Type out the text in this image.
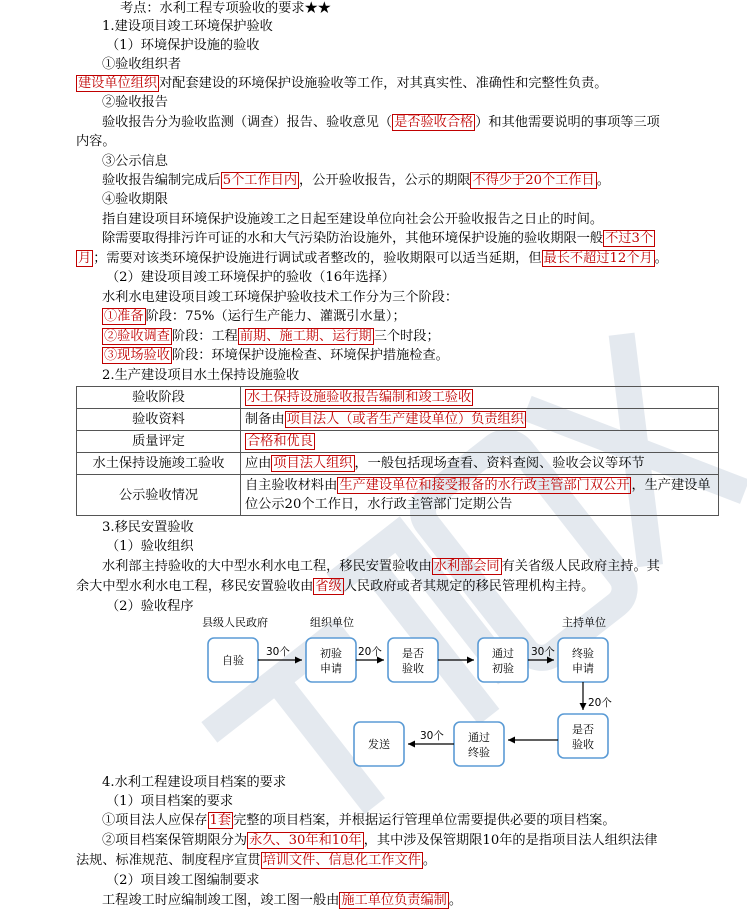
考点：水利工程专项验收的要求★★
1.建设项目竣工环境保护验收
（1）环境保护设施的验收
①验收组织者
建设单位组织 对配套建设的环境保护设施验收等工作，对其真实性、准确性和完整性负责。
②验收报告
验收报告分为验收监测（调查）报告、验收意见（ 是否验收合格 ）和其他需要说明的事项等三项
内容。
③公示信息
验收报告编制完成后 5个工作日内 ，公开验收报告，公示的期限 不得少于20个工作日 。
④验收期限
指自建设项目环境保护设施竣工之日起至建设单位向社会公开验收报告之日止的时间。
除需要取得排污许可证的水和大气污染防治设施外，其他环境保护设施的验收期限一般 不过3个
月 ；需要对该类环境保护设施进行调试或者整改的，验收期限可以适当延期，但 最长不超过12个月 。
（2）建设项目竣工环境保护的验收（16年选择）
水利水电建设项目竣工环境保护验收技术工作分为三个阶段：
①准备 阶段：75%（运行生产能力、灌溉引水量）；
②验收调查 阶段：工程 前期、施工期、运行期 三个时段；
③现场验收 阶段：环境保护设施检查、环境保护措施检查。
2.生产建设项目水土保持设施验收
验收阶段	水土保持设施验收报告编制和竣工验收
验收资料	制备由 项目法人（或者生产建设单位）负责组织
质量评定	合格和优良
水土保持设施竣工验收	应由 项目法人组织 ，一般包括现场查看、资料查阅、验收会议等环节
公示验收情况	自主验收材料由 生产建设单位和接受报备的水行政主管部门双公开 ，生产建设单位公示20个工作日，水行政主管部门定期公告
3.移民安置验收
（1）验收组织
水利部主持验收的大中型水利水电工程，移民安置验收由 水利部会同 有关省级人民政府主持。其
余大中型水利水电工程，移民安置验收由 省级 人民政府或者其规定的移民管理机构主持。
（2）验收程序
县级人民政府	组织单位	主持单位
自验
初验
申请
是否
验收
通过
初验
终验
申请
是否
验收
通过
终验
发送
30个	20个	30个
20个
30个
4.水利工程建设项目档案的要求
（1）项目档案的要求
①项目法人应保存 1套 完整的项目档案，并根据运行管理单位需要提供必要的项目档案。
②项目档案保管期限分为 永久、30年和10年 ，其中涉及保管期限10年的是指项目法人组织法律
法规、标准规范、制度程序宣贯 培训文件、信息化工作文件 。
（2）项目竣工图编制要求
工程竣工时应编制竣工图，竣工图一般由 施工单位负责编制 。
